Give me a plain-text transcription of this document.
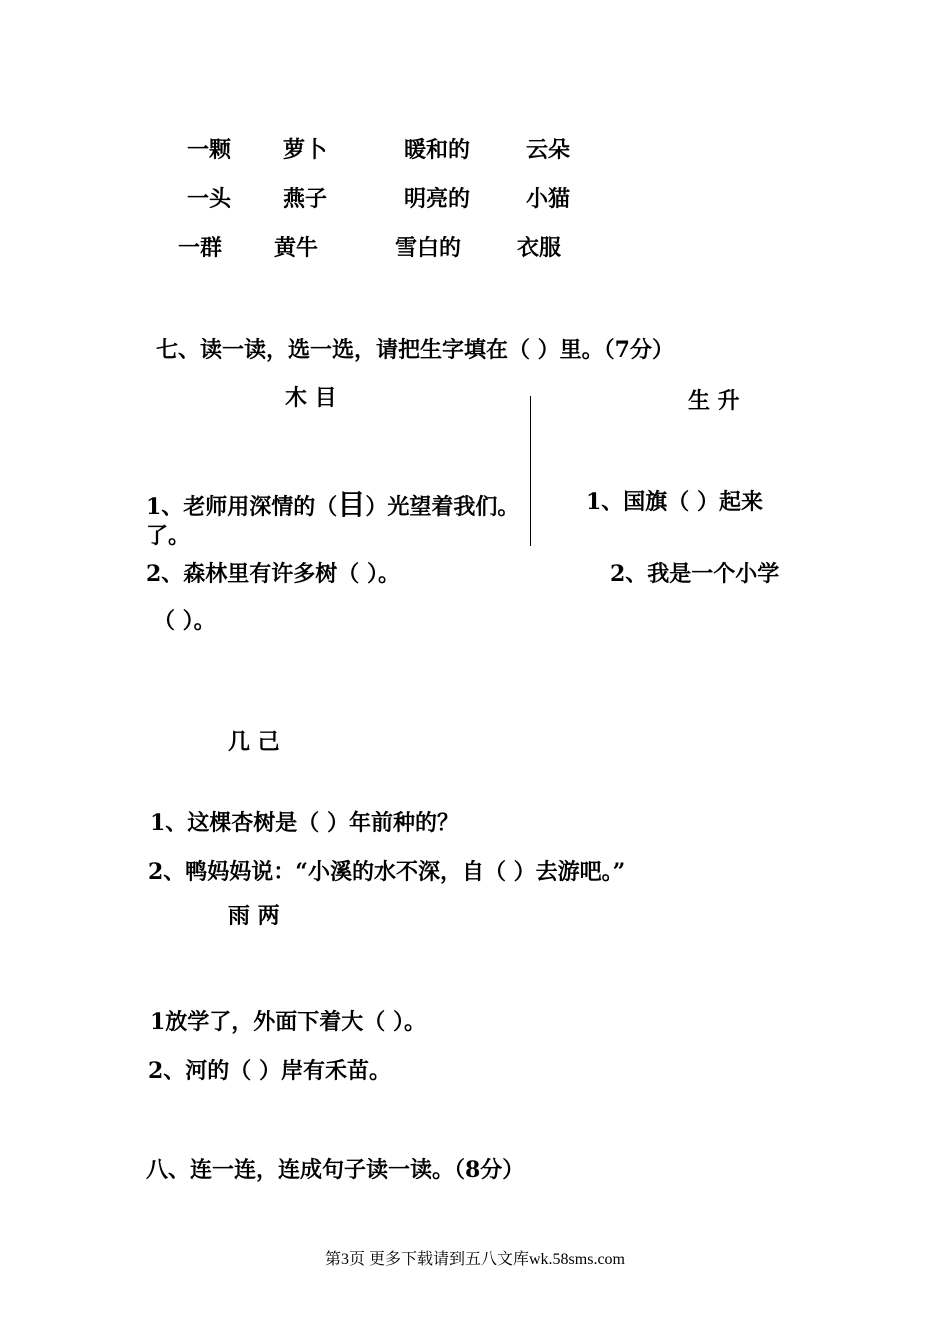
一颗 萝卜	暖和的	云朵
一头 燕子	明亮的	小猫
一群 黄牛	雪白的	衣服
七、读一读，选一选，请把生字填在（ ）里。（7分）
木 目	生 升
1、老师用深情的（目）光望着我们。
2、森林里有许多树（ ）。
1、国旗（ ）起来
了。
2、我是一个小学
（ ）。
几 己
1、这棵杏树是（ ）年前种的？
2、鸭妈妈说：“小溪的水不深，自（ ）去游吧。”
雨 两
1放学了，外面下着大（ ）。
2、河的（ ）岸有禾苗。
八、连一连，连成句子读一读。（8分）
第3页 更多下载请到五八文库wk.58sms.com
